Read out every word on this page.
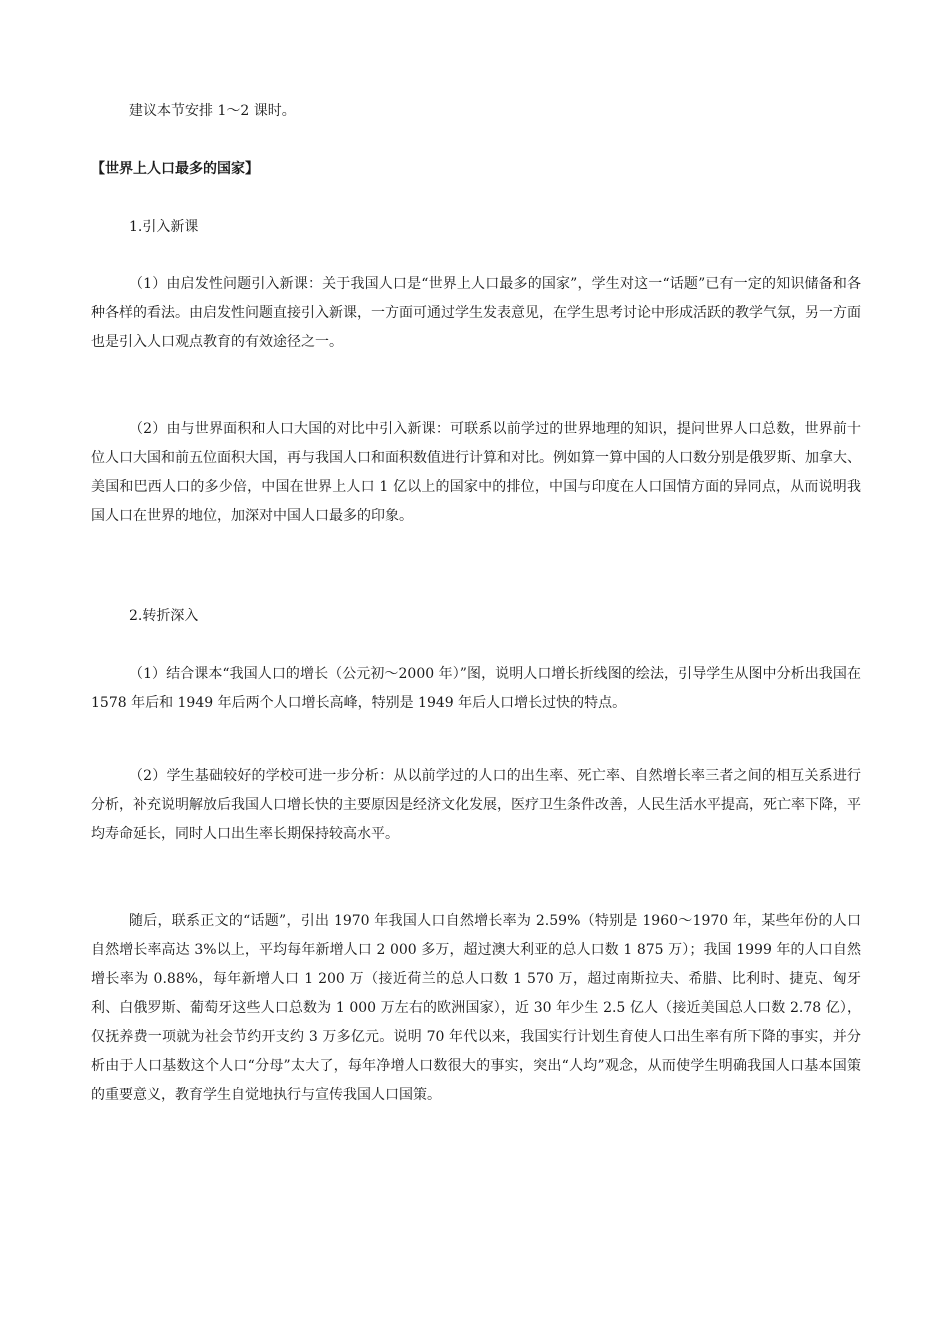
建议本节安排 1～2 课时。

【世界上人口最多的国家】

1.引入新课

（1）由启发性问题引入新课：关于我国人口是“世界上人口最多的国家”，学生对这一“话题”已有一定的知识储备和各种各样的看法。由启发性问题直接引入新课，一方面可通过学生发表意见，在学生思考讨论中形成活跃的教学气氛，另一方面也是引入人口观点教育的有效途径之一。

（2）由与世界面积和人口大国的对比中引入新课：可联系以前学过的世界地理的知识，提问世界人口总数，世界前十位人口大国和前五位面积大国，再与我国人口和面积数值进行计算和对比。例如算一算中国的人口数分别是俄罗斯、加拿大、美国和巴西人口的多少倍，中国在世界上人口 1 亿以上的国家中的排位，中国与印度在人口国情方面的异同点，从而说明我国人口在世界的地位，加深对中国人口最多的印象。

2.转折深入

（1）结合课本“我国人口的增长（公元初～2000 年）”图，说明人口增长折线图的绘法，引导学生从图中分析出我国在 1578 年后和 1949 年后两个人口增长高峰，特别是 1949 年后人口增长过快的特点。

（2）学生基础较好的学校可进一步分析：从以前学过的人口的出生率、死亡率、自然增长率三者之间的相互关系进行分析，补充说明解放后我国人口增长快的主要原因是经济文化发展，医疗卫生条件改善，人民生活水平提高，死亡率下降，平均寿命延长，同时人口出生率长期保持较高水平。

随后，联系正文的“话题”，引出 1970 年我国人口自然增长率为 2.59%（特别是 1960～1970 年，某些年份的人口自然增长率高达 3%以上，平均每年新增人口 2 000 多万，超过澳大利亚的总人口数 1 875 万）；我国 1999 年的人口自然增长率为 0.88%，每年新增人口 1 200 万（接近荷兰的总人口数 1 570 万，超过南斯拉夫、希腊、比利时、捷克、匈牙利、白俄罗斯、葡萄牙这些人口总数为 1 000 万左右的欧洲国家），近 30 年少生 2.5 亿人（接近美国总人口数 2.78 亿），仅抚养费一项就为社会节约开支约 3 万多亿元。说明 70 年代以来，我国实行计划生育使人口出生率有所下降的事实，并分析由于人口基数这个人口“分母”太大了，每年净增人口数很大的事实，突出“人均”观念，从而使学生明确我国人口基本国策的重要意义，教育学生自觉地执行与宣传我国人口国策。
